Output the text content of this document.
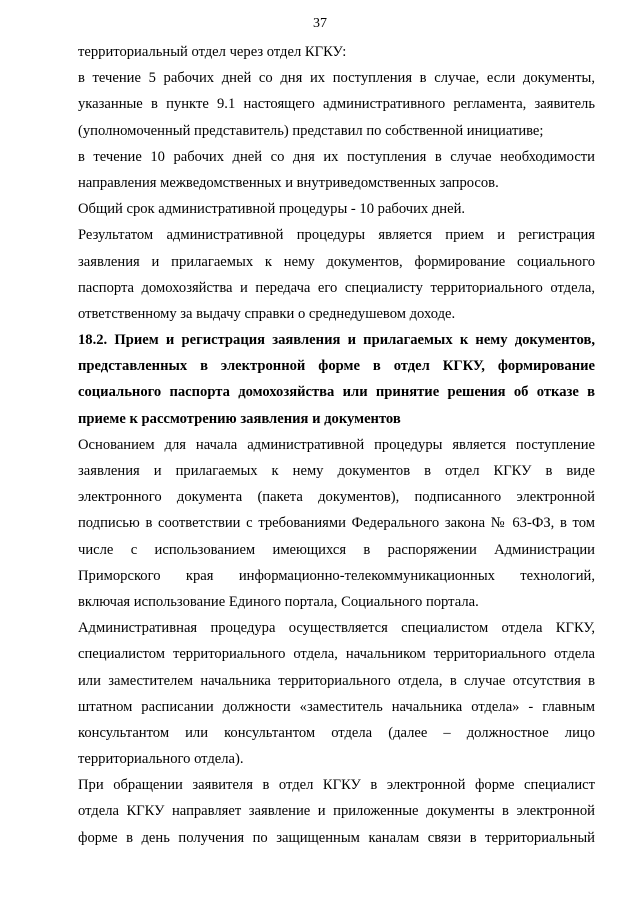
37
территориальный отдел через отдел КГКУ:
в течение 5 рабочих дней со дня их поступления в случае, если документы,
указанные в пункте 9.1 настоящего административного регламента, заявитель
(уполномоченный представитель) представил по собственной инициативе;
в течение 10 рабочих дней со дня их поступления в случае необходимости
направления межведомственных и внутриведомственных запросов.
Общий срок административной процедуры - 10 рабочих дней.
Результатом административной процедуры является прием и регистрация
заявления и прилагаемых к нему документов, формирование социального
паспорта домохозяйства и передача его специалисту территориального отдела,
ответственному за выдачу справки о среднедушевом доходе.
18.2. Прием и регистрация заявления и прилагаемых к нему документов,
представленных в электронной форме в отдел КГКУ, формирование
социального паспорта домохозяйства или принятие решения об отказе в
приеме к рассмотрению заявления и документов
Основанием для начала административной процедуры является поступление
заявления и прилагаемых к нему документов в отдел КГКУ в виде
электронного документа (пакета документов), подписанного электронной
подписью в соответствии с требованиями Федерального закона № 63-ФЗ, в том
числе с использованием имеющихся в распоряжении Администрации
Приморского края информационно-телекоммуникационных технологий,
включая использование Единого портала, Социального портала.
Административная процедура осуществляется специалистом отдела КГКУ,
специалистом территориального отдела, начальником территориального отдела
или заместителем начальника территориального отдела, в случае отсутствия в
штатном расписании должности «заместитель начальника отдела» - главным
консультантом или консультантом отдела (далее – должностное лицо
территориального отдела).
При обращении заявителя в отдел КГКУ в электронной форме специалист
отдела КГКУ направляет заявление и приложенные документы в электронной
форме в день получения по защищенным каналам связи в территориальный
